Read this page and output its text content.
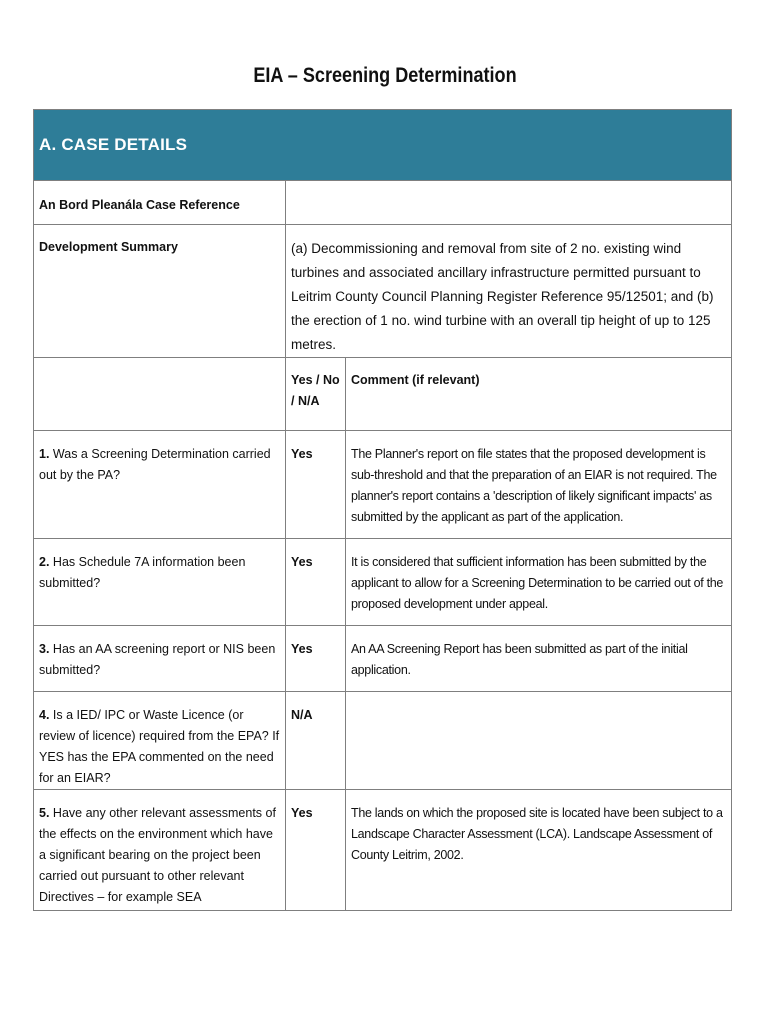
EIA – Screening Determination
A. CASE DETAILS		
An Bord Pleanála Case Reference		
Development Summary	(a) Decommissioning and removal from site of 2 no. existing wind turbines and associated ancillary infrastructure permitted pursuant to Leitrim County Council Planning Register Reference 95/12501; and (b) the erection of 1 no. wind turbine with an overall tip height of up to 125 metres.	
	Yes / No / N/A	Comment (if relevant)
1. Was a Screening Determination carried out by the PA?	Yes	The Planner's report on file states that the proposed development is sub-threshold and that the preparation of an EIAR is not required. The planner's report contains a 'description of likely significant impacts' as submitted by the applicant as part of the application.
2. Has Schedule 7A information been submitted?	Yes	It is considered that sufficient information has been submitted by the applicant to allow for a Screening Determination to be carried out of the proposed development under appeal.
3. Has an AA screening report or NIS been submitted?	Yes	An AA Screening Report has been submitted as part of the initial application.
4. Is a IED/ IPC or Waste Licence (or review of licence) required from the EPA? If YES has the EPA commented on the need for an EIAR?	N/A	
5. Have any other relevant assessments of the effects on the environment which have a significant bearing on the project been carried out pursuant to other relevant Directives – for example SEA	Yes	The lands on which the proposed site is located have been subject to a Landscape Character Assessment (LCA). Landscape Assessment of County Leitrim, 2002.
